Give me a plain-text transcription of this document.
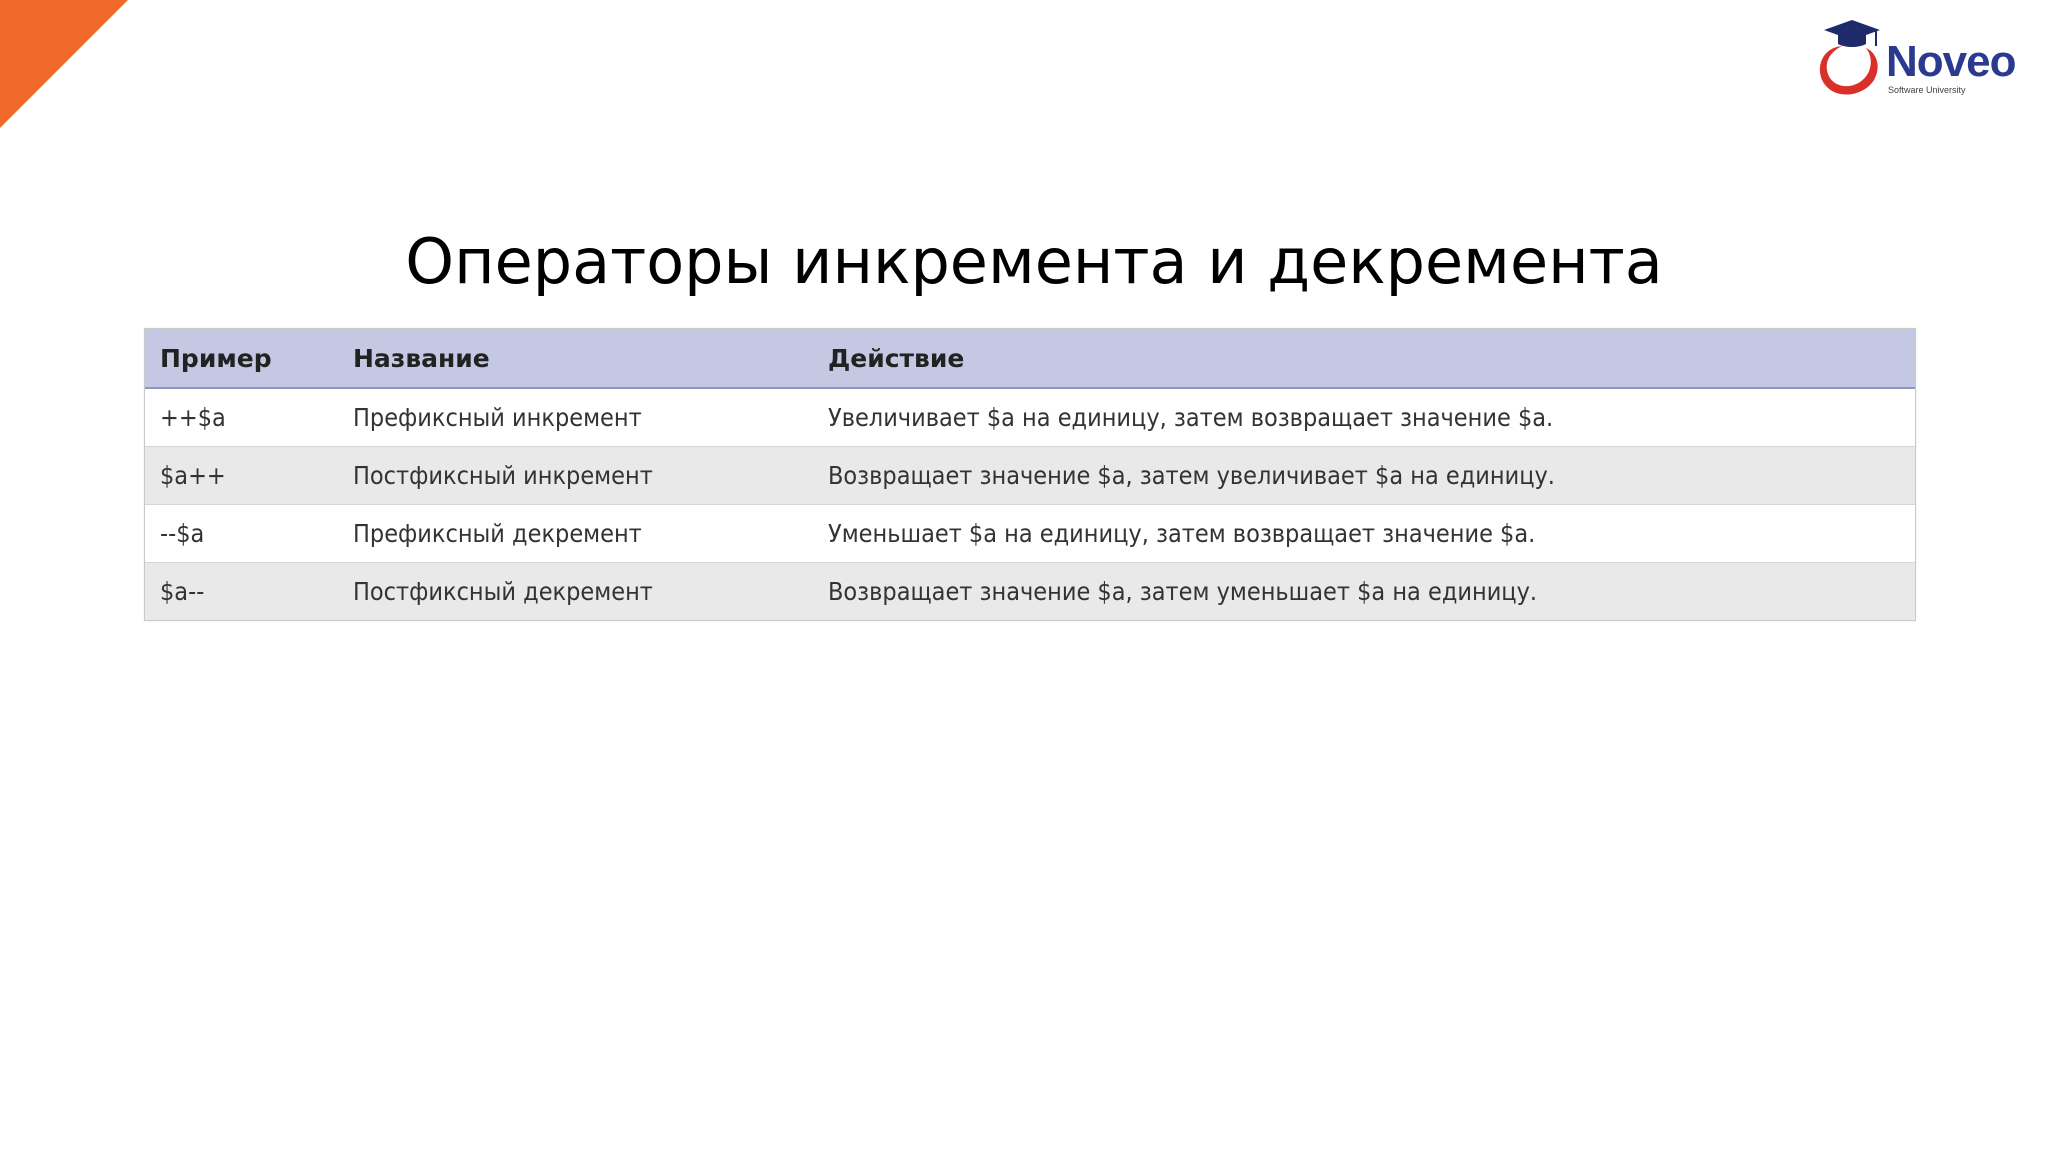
Noveo
Software University
Операторы инкремента и декремента
Пример	Название	Действие
++$a	Префиксный инкремент	Увеличивает $a на единицу, затем возвращает значение $a.
$a++	Постфиксный инкремент	Возвращает значение $a, затем увеличивает $a на единицу.
--$a	Префиксный декремент	Уменьшает $a на единицу, затем возвращает значение $a.
$a--	Постфиксный декремент	Возвращает значение $a, затем уменьшает $a на единицу.
